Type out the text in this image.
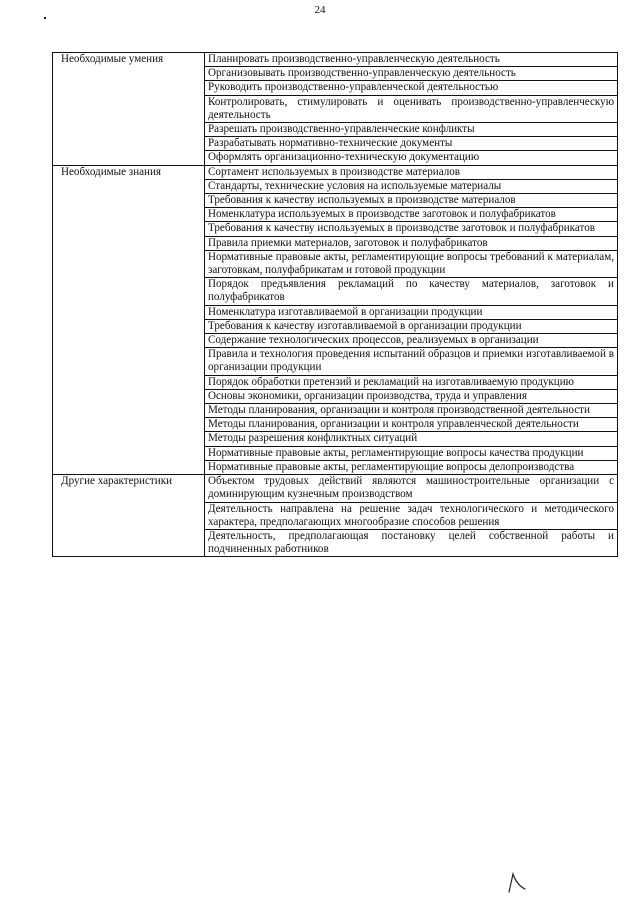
24
Необходимые умения	Планировать производственно-управленческую деятельность
	Организовывать производственно-управленческую деятельность
	Руководить производственно-управленческой деятельностью
	Контролировать, стимулировать и оценивать производственно-управленческую деятельность
	Разрешать производственно-управленческие конфликты
	Разрабатывать нормативно-технические документы
	Оформлять организационно-техническую документацию
Необходимые знания	Сортамент используемых в производстве материалов
	Стандарты, технические условия на используемые материалы
	Требования к качеству используемых в производстве материалов
	Номенклатура используемых в производстве заготовок и полуфабрикатов
	Требования к качеству используемых в производстве заготовок и полуфабрикатов
	Правила приемки материалов, заготовок и полуфабрикатов
	Нормативные правовые акты, регламентирующие вопросы требований к материалам, заготовкам, полуфабрикатам и готовой продукции
	Порядок предъявления рекламаций по качеству материалов, заготовок и полуфабрикатов
	Номенклатура изготавливаемой в организации продукции
	Требования к качеству изготавливаемой в организации продукции
	Содержание технологических процессов, реализуемых в организации
	Правила и технология проведения испытаний образцов и приемки изготавливаемой в организации продукции
	Порядок обработки претензий и рекламаций на изготавливаемую продукцию
	Основы экономики, организации производства, труда и управления
	Методы планирования, организации и контроля производственной деятельности
	Методы планирования, организации и контроля управленческой деятельности
	Методы разрешения конфликтных ситуаций
	Нормативные правовые акты, регламентирующие вопросы качества продукции
	Нормативные правовые акты, регламентирующие вопросы делопроизводства
Другие характеристики	Объектом трудовых действий являются машиностроительные организации с доминирующим кузнечным производством
	Деятельность направлена на решение задач технологического и методического характера, предполагающих многообразие способов решения
	Деятельность, предполагающая постановку целей собственной работы и подчиненных работников
